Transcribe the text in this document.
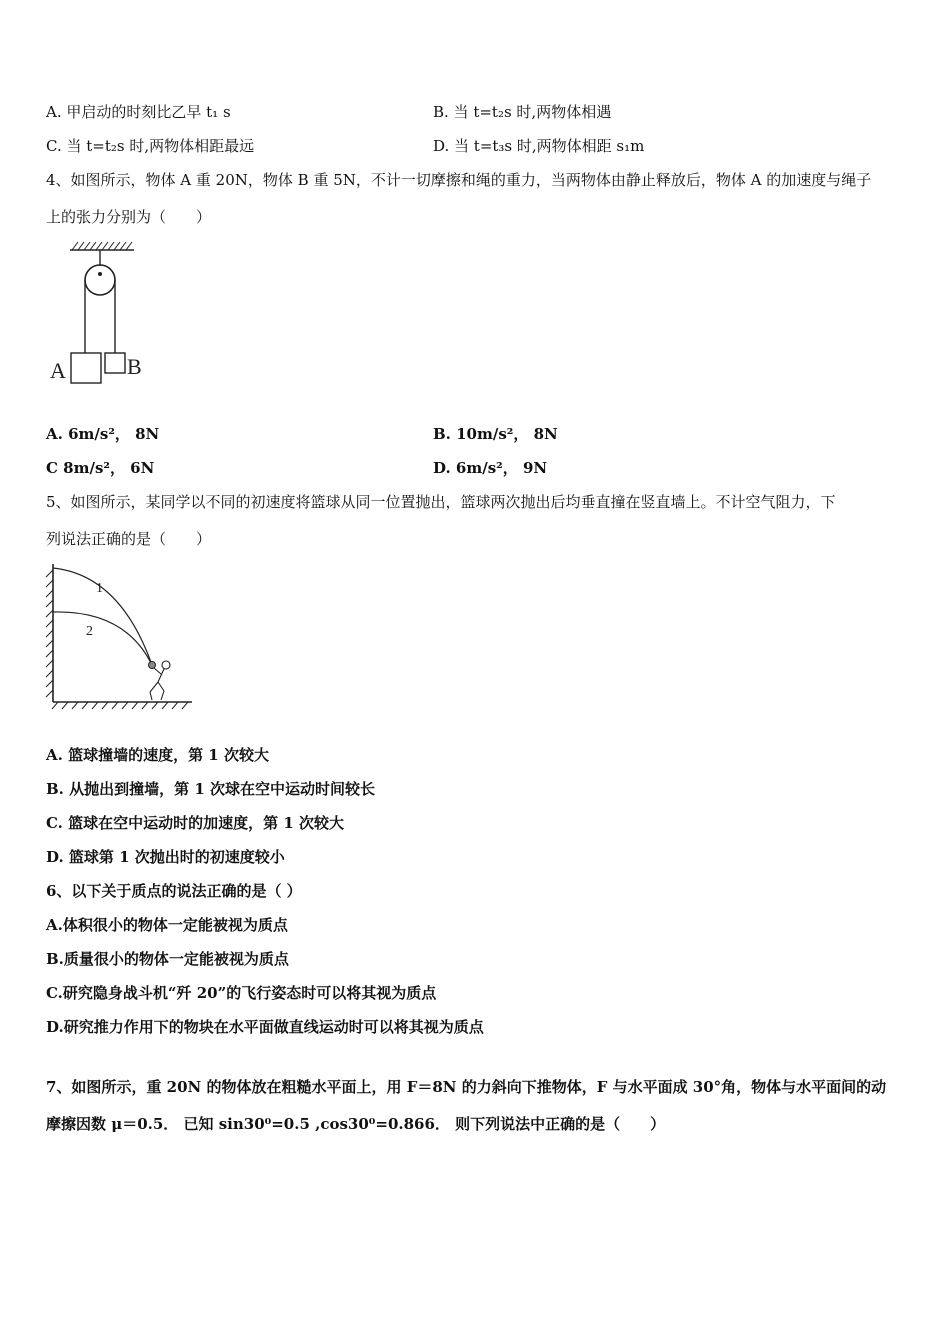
A. 甲启动的时刻比乙早 t₁ s	B. 当 t=t₂s 时,两物体相遇
C. 当 t=t₂s 时,两物体相距最远	D. 当 t=t₃s 时,两物体相距 s₁m
4、如图所示，物体 A 重 20N，物体 B 重 5N，不计一切摩擦和绳的重力，当两物体由静止释放后，物体 A 的加速度与绳子
上的张力分别为（　　）
A	B
A. 6m/s²， 8N	B. 10m/s²， 8N
C 8m/s²， 6N	D. 6m/s²， 9N
5、如图所示，某同学以不同的初速度将篮球从同一位置抛出，篮球两次抛出后均垂直撞在竖直墙上。不计空气阻力，下
列说法正确的是（　　）
1
2
A. 篮球撞墙的速度，第 1 次较大
B. 从抛出到撞墙，第 1 次球在空中运动时间较长
C. 篮球在空中运动时的加速度，第 1 次较大
D. 篮球第 1 次抛出时的初速度较小
6、以下关于质点的说法正确的是（ ）
A.体积很小的物体一定能被视为质点
B.质量很小的物体一定能被视为质点
C.研究隐身战斗机“歼 20”的飞行姿态时可以将其视为质点
D.研究推力作用下的物块在水平面做直线运动时可以将其视为质点
7、如图所示，重 20N 的物体放在粗糙水平面上，用 F＝8N 的力斜向下推物体，F 与水平面成 30°角，物体与水平面间的动
摩擦因数 μ＝0.5． 已知 sin30⁰=0.5 ,cos30⁰=0.866． 则下列说法中正确的是（　　）
